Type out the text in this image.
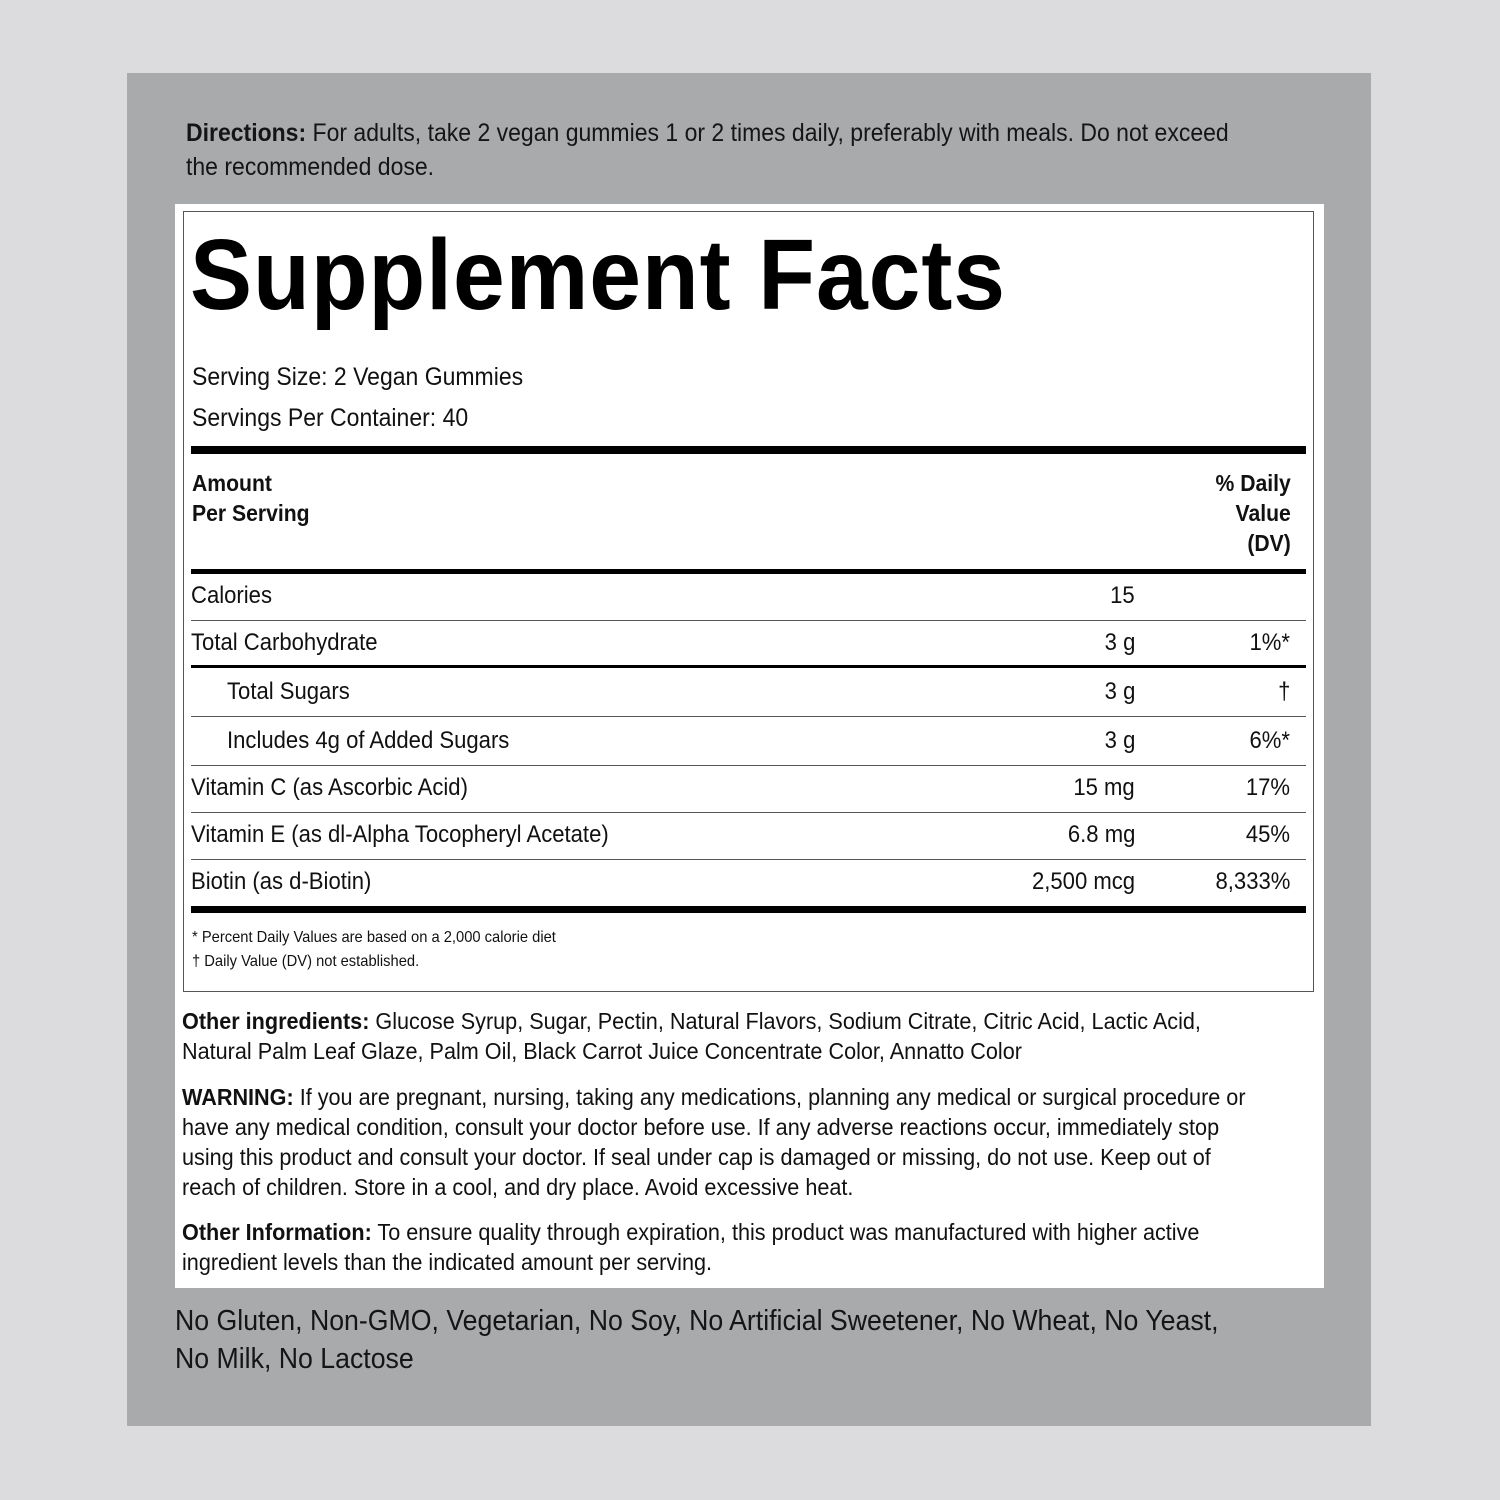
Directions: For adults, take 2 vegan gummies 1 or 2 times daily, preferably with meals. Do not exceed the recommended dose.
Supplement Facts
Serving Size: 2 Vegan Gummies
Servings Per Container: 40
Amount
Per Serving
% Daily
Value
(DV)
Calories	15
Total Carbohydrate	3 g	1%*
Total Sugars	3 g	†
Includes 4g of Added Sugars	3 g	6%*
Vitamin C (as Ascorbic Acid)	15 mg	17%
Vitamin E (as dl-Alpha Tocopheryl Acetate)	6.8 mg	45%
Biotin (as d-Biotin)	2,500 mcg	8,333%
* Percent Daily Values are based on a 2,000 calorie diet
† Daily Value (DV) not established.
Other ingredients: Glucose Syrup, Sugar, Pectin, Natural Flavors, Sodium Citrate, Citric Acid, Lactic Acid, Natural Palm Leaf Glaze, Palm Oil, Black Carrot Juice Concentrate Color, Annatto Color
WARNING: If you are pregnant, nursing, taking any medications, planning any medical or surgical procedure or have any medical condition, consult your doctor before use. If any adverse reactions occur, immediately stop using this product and consult your doctor. If seal under cap is damaged or missing, do not use. Keep out of reach of children. Store in a cool, and dry place. Avoid excessive heat.
Other Information: To ensure quality through expiration, this product was manufactured with higher active ingredient levels than the indicated amount per serving.
No Gluten, Non-GMO, Vegetarian, No Soy, No Artificial Sweetener, No Wheat, No Yeast, No Milk, No Lactose
